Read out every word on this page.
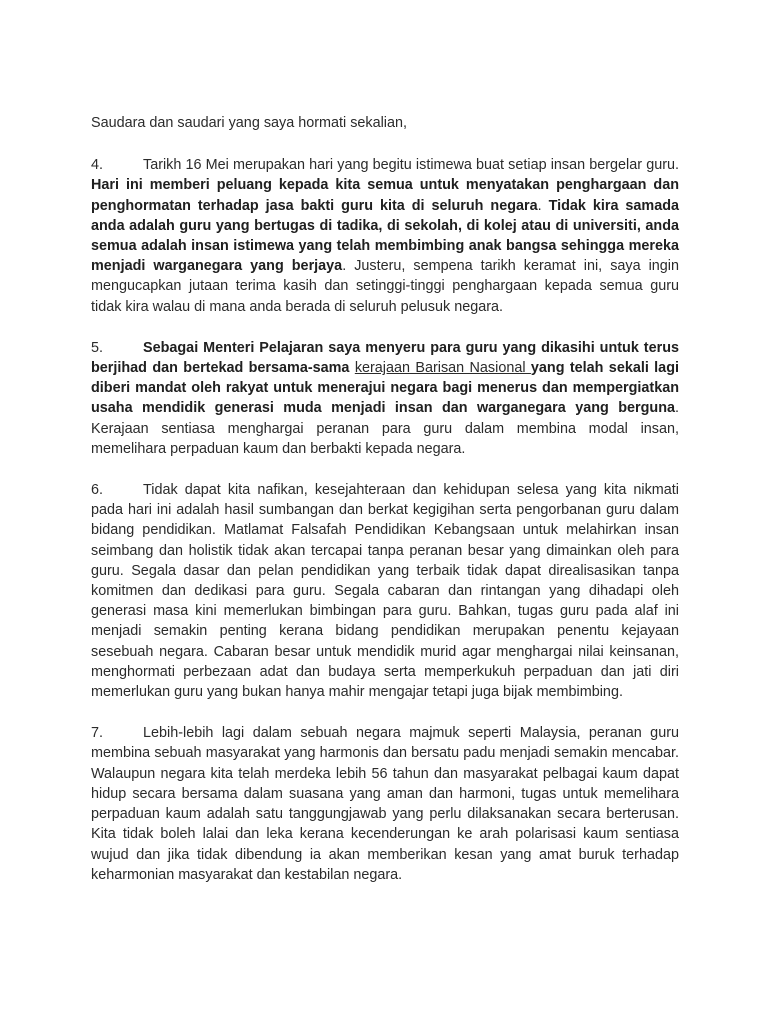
Saudara dan saudari yang saya hormati sekalian,

4.	Tarikh 16 Mei merupakan hari yang begitu istimewa buat setiap insan bergelar guru. Hari ini memberi peluang kepada kita semua untuk menyatakan penghargaan dan penghormatan terhadap jasa bakti guru kita di seluruh negara. Tidak kira samada anda adalah guru yang bertugas di tadika, di sekolah, di kolej atau di universiti, anda semua adalah insan istimewa yang telah membimbing anak bangsa sehingga mereka menjadi warganegara yang berjaya. Justeru, sempena tarikh keramat ini, saya ingin mengucapkan jutaan terima kasih dan setinggi-tinggi penghargaan kepada semua guru tidak kira walau di mana anda berada di seluruh pelusuk negara.

5.	Sebagai Menteri Pelajaran saya menyeru para guru yang dikasihi untuk terus berjihad dan bertekad bersama-sama kerajaan Barisan Nasional yang telah sekali lagi diberi mandat oleh rakyat untuk menerajui negara bagi menerus dan mempergiatkan usaha mendidik generasi muda menjadi insan dan warganegara yang berguna. Kerajaan sentiasa menghargai peranan para guru dalam membina modal insan, memelihara perpaduan kaum dan berbakti kepada negara.

6.	Tidak dapat kita nafikan, kesejahteraan dan kehidupan selesa yang kita nikmati pada hari ini adalah hasil sumbangan dan berkat kegigihan serta pengorbanan guru dalam bidang pendidikan. Matlamat Falsafah Pendidikan Kebangsaan untuk melahirkan insan seimbang dan holistik tidak akan tercapai tanpa peranan besar yang dimainkan oleh para guru. Segala dasar dan pelan pendidikan yang terbaik tidak dapat direalisasikan tanpa komitmen dan dedikasi para guru. Segala cabaran dan rintangan yang dihadapi oleh generasi masa kini memerlukan bimbingan para guru. Bahkan, tugas guru pada alaf ini menjadi semakin penting kerana bidang pendidikan merupakan penentu kejayaan sesebuah negara. Cabaran besar untuk mendidik murid agar menghargai nilai keinsanan, menghormati perbezaan adat dan budaya serta memperkukuh perpaduan dan jati diri memerlukan guru yang bukan hanya mahir mengajar tetapi juga bijak membimbing.

7.	Lebih-lebih lagi dalam sebuah negara majmuk seperti Malaysia, peranan guru membina sebuah masyarakat yang harmonis dan bersatu padu menjadi semakin mencabar. Walaupun negara kita telah merdeka lebih 56 tahun dan masyarakat pelbagai kaum dapat hidup secara bersama dalam suasana yang aman dan harmoni, tugas untuk memelihara perpaduan kaum adalah satu tanggungjawab yang perlu dilaksanakan secara berterusan. Kita tidak boleh lalai dan leka kerana kecenderungan ke arah polarisasi kaum sentiasa wujud dan jika tidak dibendung ia akan memberikan kesan yang amat buruk terhadap keharmonian masyarakat dan kestabilan negara.
